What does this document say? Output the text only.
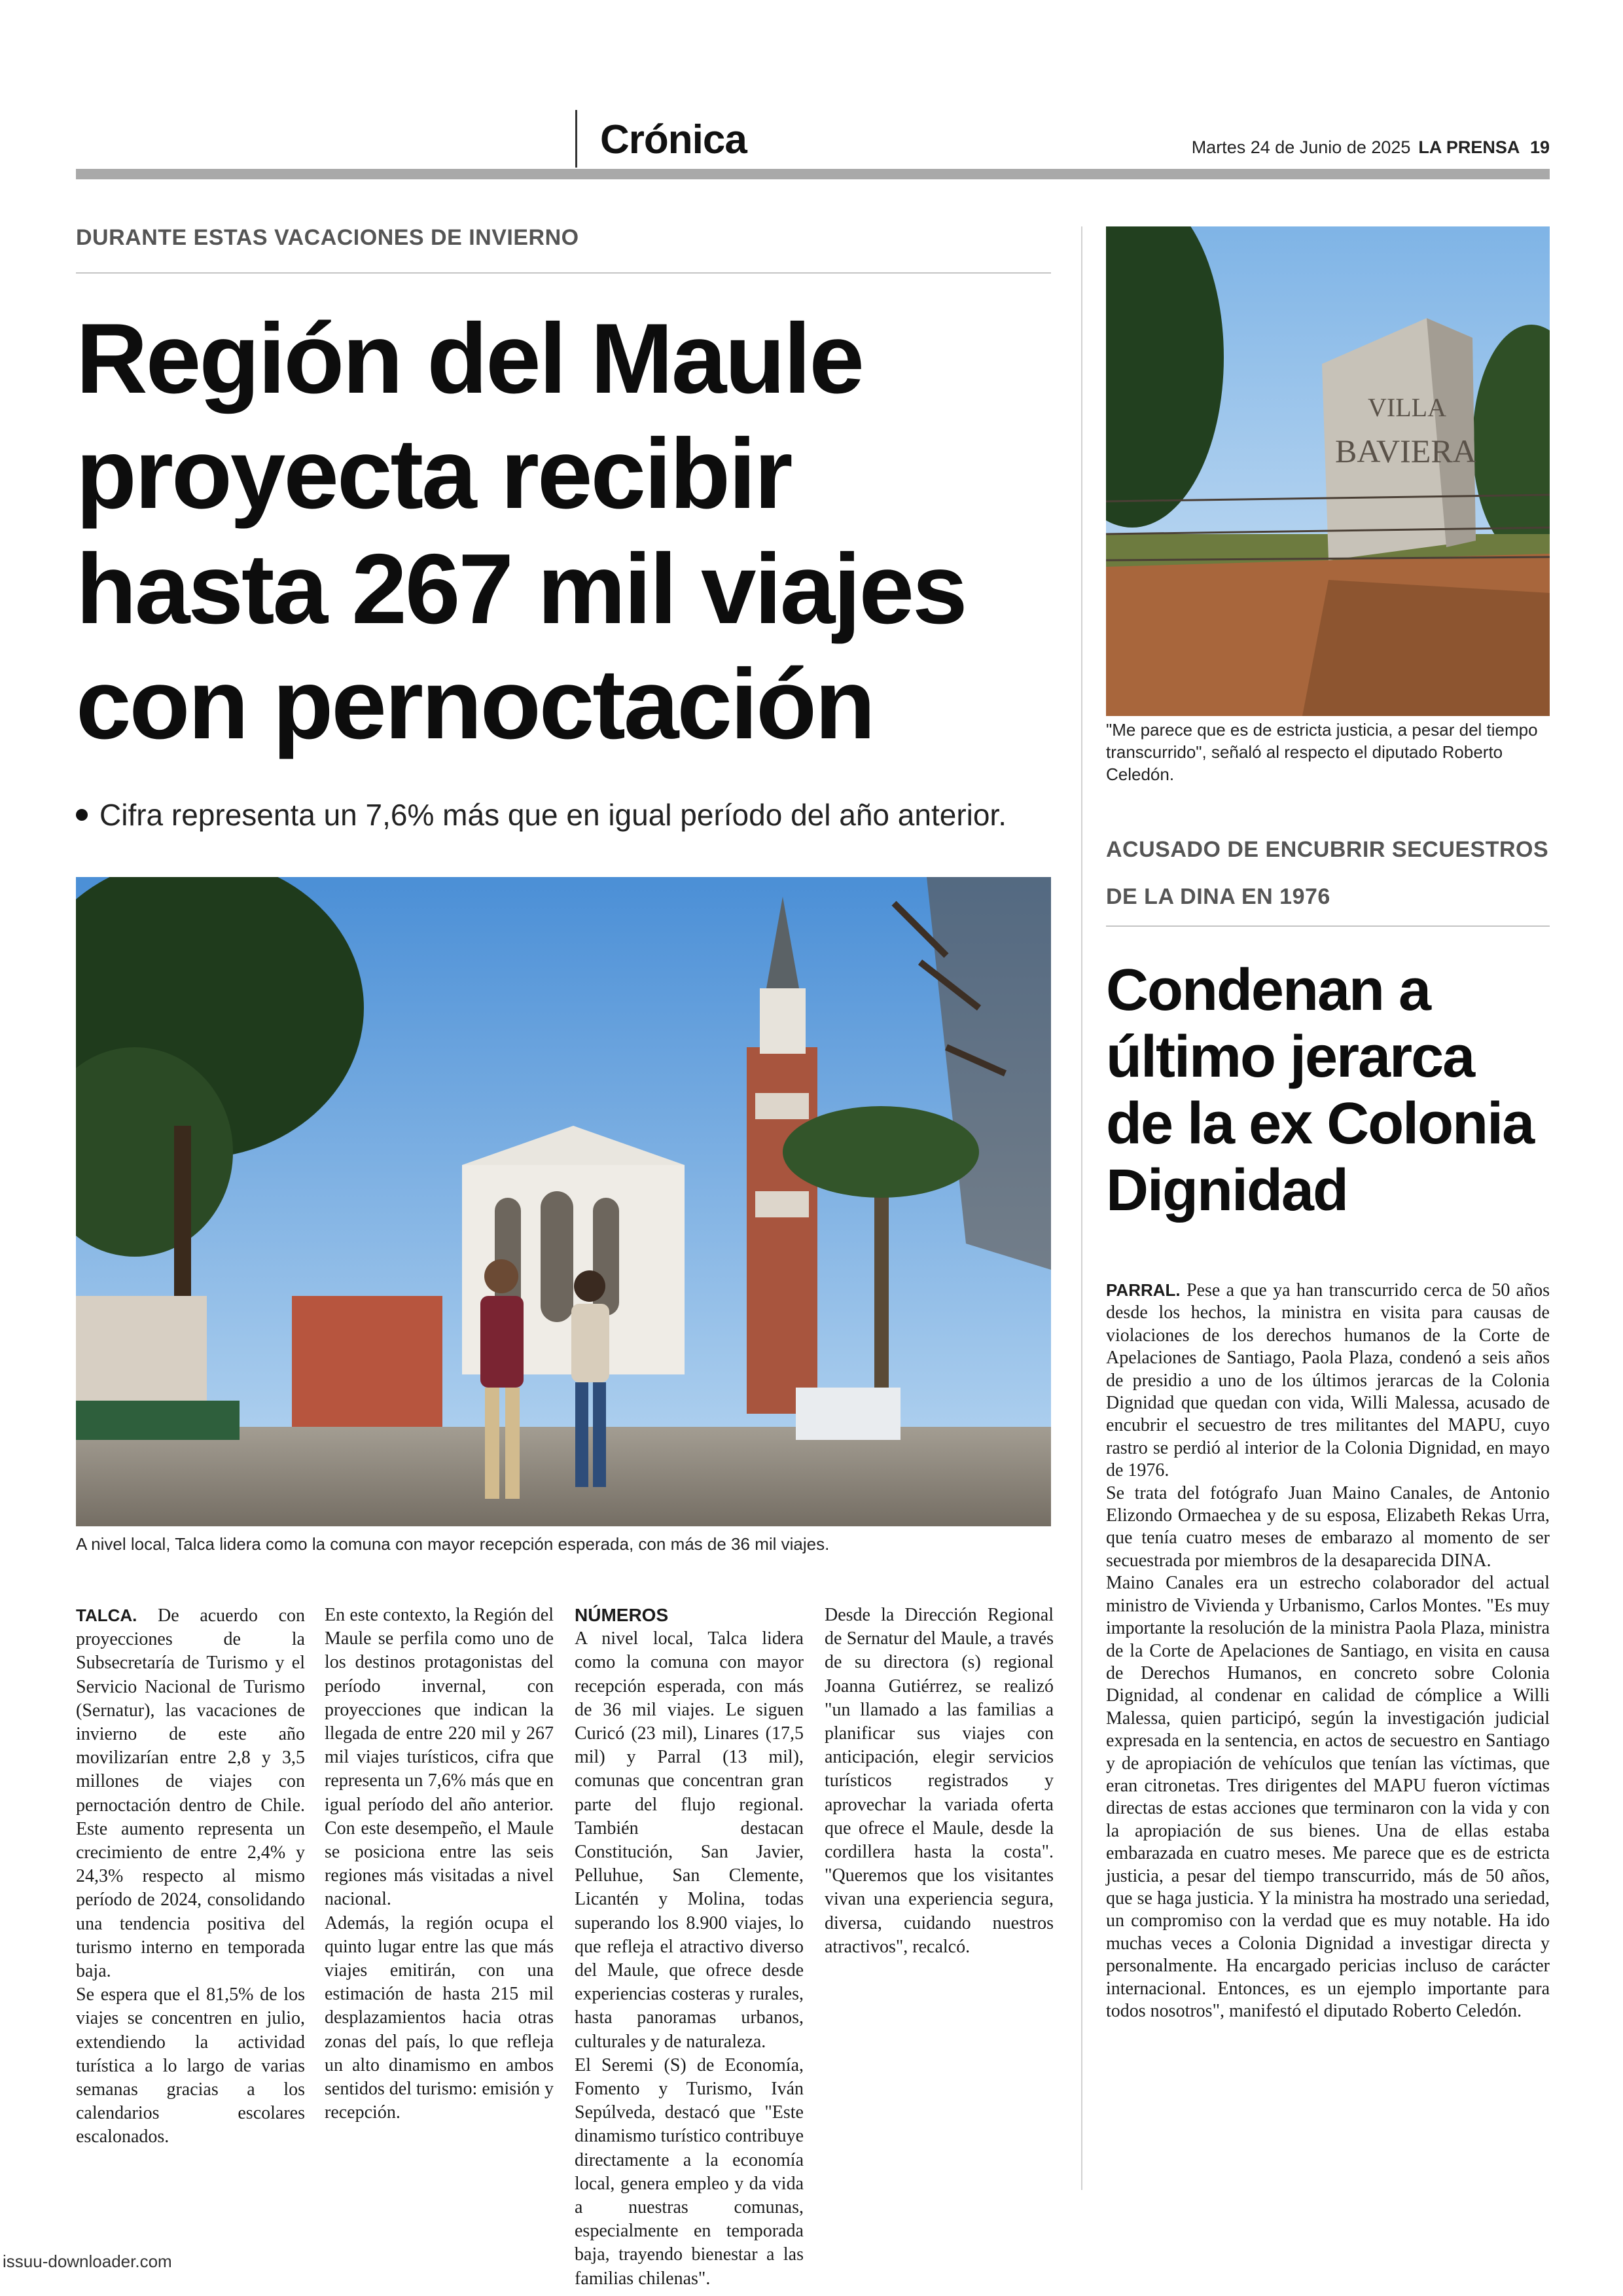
Crónica	Martes 24 de Junio de 2025 LA PRENSA 19
DURANTE ESTAS VACACIONES DE INVIERNO
Región del Maule proyecta recibir hasta 267 mil viajes con pernoctación
Cifra representa un 7,6% más que en igual período del año anterior.
A nivel local, Talca lidera como la comuna con mayor recepción esperada, con más de 36 mil viajes.

TALCA. De acuerdo con proyecciones de la Subsecretaría de Turismo y el Servicio Nacional de Turismo (Sernatur), las vacaciones de invierno de este año movilizarían entre 2,8 y 3,5 millones de viajes con pernoctación dentro de Chile. Este aumento representa un crecimiento de entre 2,4% y 24,3% respecto al mismo período de 2024, consolidando una tendencia positiva del turismo interno en temporada baja.

Se espera que el 81,5% de los viajes se concentren en julio, extendiendo la actividad turística a lo largo de varias semanas gracias a los calendarios escolares escalonados.

En este contexto, la Región del Maule se perfila como uno de los destinos protagonistas del período invernal, con proyecciones que indican la llegada de entre 220 mil y 267 mil viajes turísticos, cifra que representa un 7,6% más que en igual período del año anterior. Con este desempeño, el Maule se posiciona entre las seis regiones más visitadas a nivel nacional.

Además, la región ocupa el quinto lugar entre las que más viajes emitirán, con una estimación de hasta 215 mil desplazamientos hacia otras zonas del país, lo que refleja un alto dinamismo en ambos sentidos del turismo: emisión y recepción.

NÚMEROS

A nivel local, Talca lidera como la comuna con mayor recepción esperada, con más de 36 mil viajes. Le siguen Curicó (23 mil), Linares (17,5 mil) y Parral (13 mil), comunas que concentran gran parte del flujo regional. También destacan Constitución, San Javier, Pelluhue, San Clemente, Licantén y Molina, todas superando los 8.900 viajes, lo que refleja el atractivo diverso del Maule, que ofrece desde experiencias costeras y rurales, hasta panoramas urbanos, culturales y de naturaleza.

El Seremi (S) de Economía, Fomento y Turismo, Iván Sepúlveda, destacó que "Este dinamismo turístico contribuye directamente a la economía local, genera empleo y da vida a nuestras comunas, especialmente en temporada baja, trayendo bienestar a las familias chilenas".

Desde la Dirección Regional de Sernatur del Maule, a través de su directora (s) regional Joanna Gutiérrez, se realizó "un llamado a las familias a planificar sus viajes con anticipación, elegir servicios turísticos registrados y aprovechar la variada oferta que ofrece el Maule, desde la cordillera hasta la costa". "Queremos que los visitantes vivan una experiencia segura, diversa, cuidando nuestros atractivos", recalcó.

VILLA
BAVIERA
"Me parece que es de estricta justicia, a pesar del tiempo transcurrido", señaló al respecto el diputado Roberto Celedón.
ACUSADO DE ENCUBRIR SECUESTROS DE LA DINA EN 1976
Condenan a último jerarca de la ex Colonia Dignidad

PARRAL. Pese a que ya han transcurrido cerca de 50 años desde los hechos, la ministra en visita para causas de violaciones de los derechos humanos de la Corte de Apelaciones de Santiago, Paola Plaza, condenó a seis años de presidio a uno de los últimos jerarcas de la Colonia Dignidad que quedan con vida, Willi Malessa, acusado de encubrir el secuestro de tres militantes del MAPU, cuyo rastro se perdió al interior de la Colonia Dignidad, en mayo de 1976.

Se trata del fotógrafo Juan Maino Canales, de Antonio Elizondo Ormaechea y de su esposa, Elizabeth Rekas Urra, que tenía cuatro meses de embarazo al momento de ser secuestrada por miembros de la desaparecida DINA.

Maino Canales era un estrecho colaborador del actual ministro de Vivienda y Urbanismo, Carlos Montes. "Es muy importante la resolución de la ministra Paola Plaza, ministra de la Corte de Apelaciones de Santiago, en visita en causa de Derechos Humanos, en concreto sobre Colonia Dignidad, al condenar en calidad de cómplice a Willi Malessa, quien participó, según la investigación judicial expresada en la sentencia, en actos de secuestro en Santiago y de apropiación de vehículos que tenían las víctimas, que eran citronetas. Tres dirigentes del MAPU fueron víctimas directas de estas acciones que terminaron con la vida y con la apropiación de sus bienes. Una de ellas estaba embarazada en cuatro meses. Me parece que es de estricta justicia, a pesar del tiempo transcurrido, más de 50 años, que se haga justicia. Y la ministra ha mostrado una seriedad, un compromiso con la verdad que es muy notable. Ha ido muchas veces a Colonia Dignidad a investigar directa y personalmente. Ha encargado pericias incluso de carácter internacional. Entonces, es un ejemplo importante para todos nosotros", manifestó el diputado Roberto Celedón.

issuu-downloader.com
